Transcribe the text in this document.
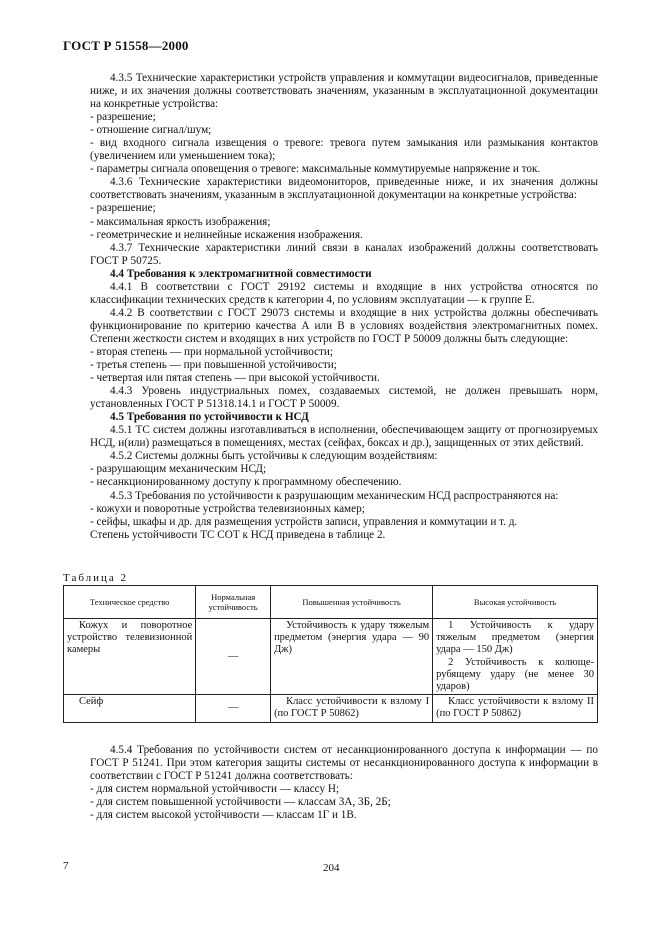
ГОСТ Р 51558—2000

4.3.5 Технические характеристики устройств управления и коммутации видеосигналов, приведенные ниже, и их значения должны соответствовать значениям, указанным в эксплуатационной документации на конкретные устройства:

- разрешение;

- отношение сигнал/шум;

- вид входного сигнала извещения о тревоге: тревога путем замыкания или размыкания контактов (увеличением или уменьшением тока);

- параметры сигнала оповещения о тревоге: максимальные коммутируемые напряжение и ток.

4.3.6 Технические характеристики видеомониторов, приведенные ниже, и их значения должны соответствовать значениям, указанным в эксплуатационной документации на конкретные устройства:

- разрешение;

- максимальная яркость изображения;

- геометрические и нелинейные искажения изображения.

4.3.7 Технические характеристики линий связи в каналах изображений должны соответствовать ГОСТ Р 50725.

4.4 Требования к электромагнитной совместимости

4.4.1 В соответствии с ГОСТ 29192 системы и входящие в них устройства относятся по классификации технических средств к категории 4, по условиям эксплуатации — к группе Е.

4.4.2 В соответствии с ГОСТ 29073 системы и входящие в них устройства должны обеспечивать функционирование по критерию качества А или В в условиях воздействия электромагнитных помех. Степени жесткости систем и входящих в них устройств по ГОСТ Р 50009 должны быть следующие:

- вторая степень — при нормальной устойчивости;

- третья степень — при повышенной устойчивости;

- четвертая или пятая степень — при высокой устойчивости.

4.4.3 Уровень индустриальных помех, создаваемых системой, не должен превышать норм, установленных ГОСТ Р 51318.14.1 и ГОСТ Р 50009.

4.5 Требования по устойчивости к НСД

4.5.1 ТС систем должны изготавливаться в исполнении, обеспечивающем защиту от прогнозируемых НСД, и(или) размещаться в помещениях, местах (сейфах, боксах и др.), защищенных от этих действий.

4.5.2 Системы должны быть устойчивы к следующим воздействиям:

- разрушающим механическим НСД;

- несанкционированному доступу к программному обеспечению.

4.5.3 Требования по устойчивости к разрушающим механическим НСД распространяются на:

- кожухи и поворотные устройства телевизионных камер;

- сейфы, шкафы и др. для размещения устройств записи, управления и коммутации и т. д.

Степень устойчивости ТС СОТ к НСД приведена в таблице 2.

Таблица 2
Техническое средство	Нормальная устойчивость	Повышенная устойчивость	Высокая устойчивость
Кожух и поворотное устройство телевизионной камеры	—	Устойчивость к удару тяжелым предметом (энергия удара — 90 Дж)	1 Устойчивость к удару тяжелым предметом (энергия удара — 150 Дж)
2 Устойчивость к колюще-рубящему удару (не менее 30 ударов)

Сейф	—	Класс устойчивости к взлому I (по ГОСТ Р 50862)	Класс устойчивости к взлому II (по ГОСТ Р 50862)

4.5.4 Требования по устойчивости систем от несанкционированного доступа к информации — по ГОСТ Р 51241. При этом категория защиты системы от несанкционированного доступа к информации в соответствии с ГОСТ Р 51241 должна соответствовать:

- для систем нормальной устойчивости — классу Н;

- для систем повышенной устойчивости — классам 3А, 3Б, 2Б;

- для систем высокой устойчивости — классам 1Г и 1В.

7	204
